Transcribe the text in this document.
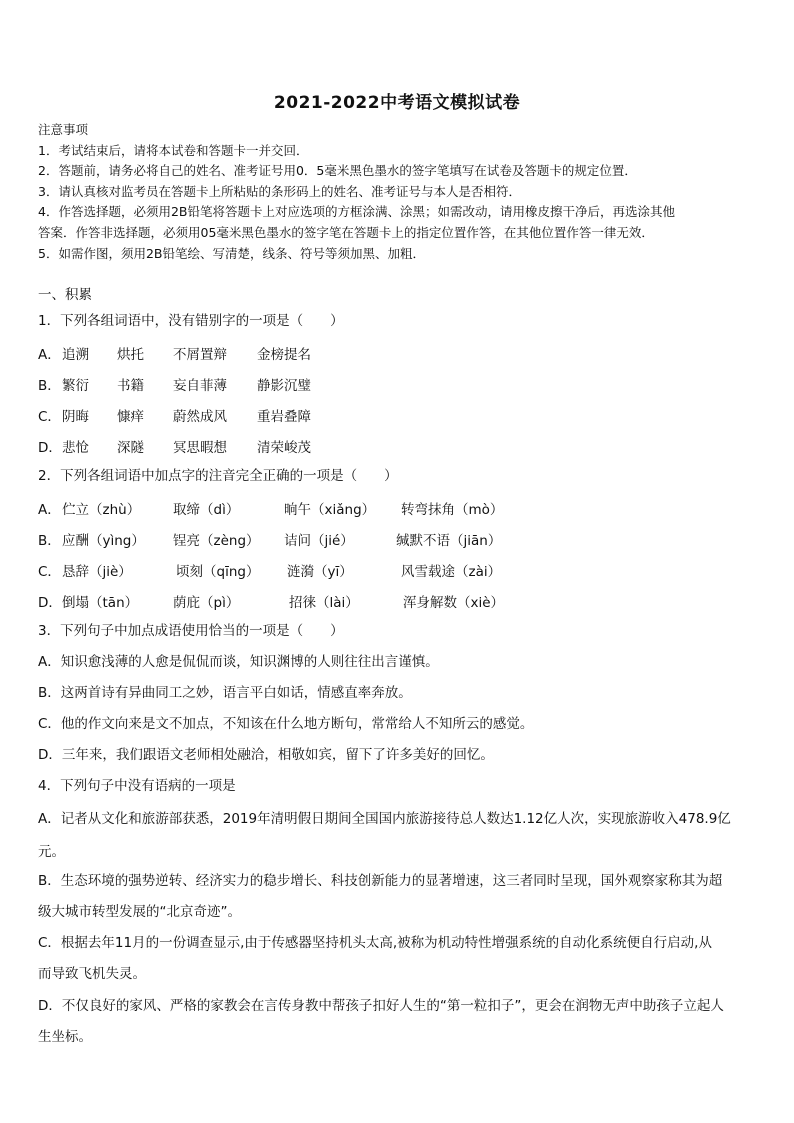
2021-2022中考语文模拟试卷
注意事项
1．考试结束后，请将本试卷和答题卡一并交回．
2．答题前，请务必将自己的姓名、准考证号用0．5毫米黑色墨水的签字笔填写在试卷及答题卡的规定位置．
3．请认真核对监考员在答题卡上所粘贴的条形码上的姓名、准考证号与本人是否相符．
4．作答选择题，必须用2B铅笔将答题卡上对应选项的方框涂满、涂黑；如需改动，请用橡皮擦干净后，再选涂其他
答案．作答非选择题，必须用05毫米黑色墨水的签字笔在答题卡上的指定位置作答，在其他位置作答一律无效．
5．如需作图，须用2B铅笔绘、写清楚，线条、符号等须加黑、加粗．
一、积累
1．下列各组词语中，没有错别字的一项是（　　）
A． 追溯 烘托 不屑置辩 金榜提名
B． 繁衍 书籍 妄自菲薄 静影沉璧
C． 阴晦 慷痒 蔚然成风 重岩叠障
D． 悲怆 深隧 冥思暇想 清荣峻茂
2．下列各组词语中加点字的注音完全正确的一项是（　　）
A． 伫立（zhù） 取缔（dì）	晌午（xiǎng） 转弯抹角（mò）
B． 应酬（yìng） 锃亮（zèng） 诘问（jié）	缄默不语（jiān）
C． 恳辞（jiè）	顷刻（qīng） 涟漪（yī）	风雪载途（zài）
D． 倒塌（tān）	荫庇（pì）	招徕（lài）	浑身解数（xiè）
3．下列句子中加点成语使用恰当的一项是（　　）
A．知识愈浅薄的人愈是侃侃而谈，知识渊博的人则往往出言谨慎。
B．这两首诗有异曲同工之妙，语言平白如话，情感直率奔放。
C．他的作文向来是文不加点，不知该在什么地方断句，常常给人不知所云的感觉。
D．三年来，我们跟语文老师相处融洽，相敬如宾，留下了许多美好的回忆。
4．下列句子中没有语病的一项是
A．记者从文化和旅游部获悉，2019年清明假日期间全国国内旅游接待总人数达1.12亿人次，实现旅游收入478.9亿
元。
B．生态环境的强势逆转、经济实力的稳步增长、科技创新能力的显著增速，这三者同时呈现，国外观察家称其为超
级大城市转型发展的“北京奇迹”。
C．根据去年11月的一份调查显示,由于传感器坚持机头太高,被称为机动特性增强系统的自动化系统便自行启动,从
而导致飞机失灵。
D．不仅良好的家风、严格的家教会在言传身教中帮孩子扣好人生的“第一粒扣子”，更会在润物无声中助孩子立起人
生坐标。
